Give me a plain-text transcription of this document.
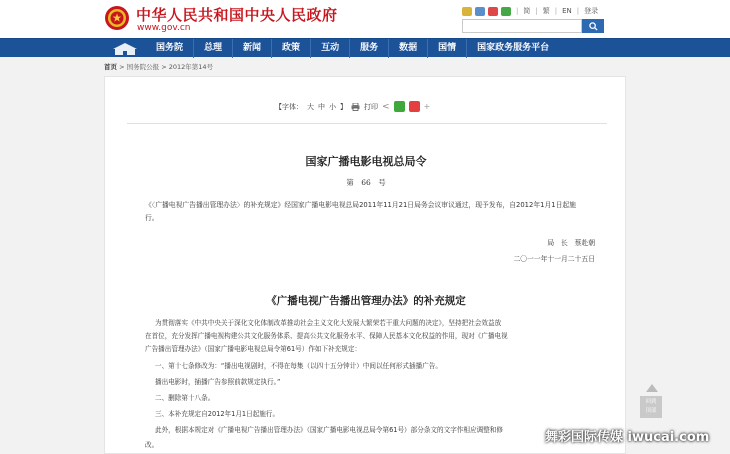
中华人民共和国中央人民政府
www.gov.cn
| 简 | 繁 | EN | 登录
国务院	总理	新闻	政策	互动	服务	数据	国情	国家政务服务平台
首页 > 国务院公报 > 2012年第14号
【字体： 大 中 小 】 打印 <	+
国家广播电影电视总局令
第　66　号
《〈广播电视广告播出管理办法〉的补充规定》经国家广播电影电视总局2011年11月21日局务会议审议通过，现予发布，自2012年1月1日起施行。
局　长　蔡赴朝
二〇一一年十一月二十五日
《广播电视广告播出管理办法》的补充规定
为贯彻落实《中共中央关于深化文化体制改革推动社会主义文化大发展大繁荣若干重大问题的决定》，坚持把社会效益放
在首位，充分发挥广播电视构建公共文化服务体系、提高公共文化服务水平、保障人民基本文化权益的作用，现对《广播电视
广告播出管理办法》（国家广播电影电视总局令第61号）作如下补充规定：
一、第十七条修改为：“播出电视剧时，不得在每集（以四十五分钟计）中间以任何形式插播广告。
播出电影时，插播广告参照前款规定执行。”
二、删除第十八条。
三、本补充规定自2012年1月1日起施行。
此外，根据本规定对《广播电视广告播出管理办法》（国家广播电影电视总局令第61号）部分条文的文字作相应调整和修
改。
回到
顶部
舞彩国际传媒 iwucai.com
